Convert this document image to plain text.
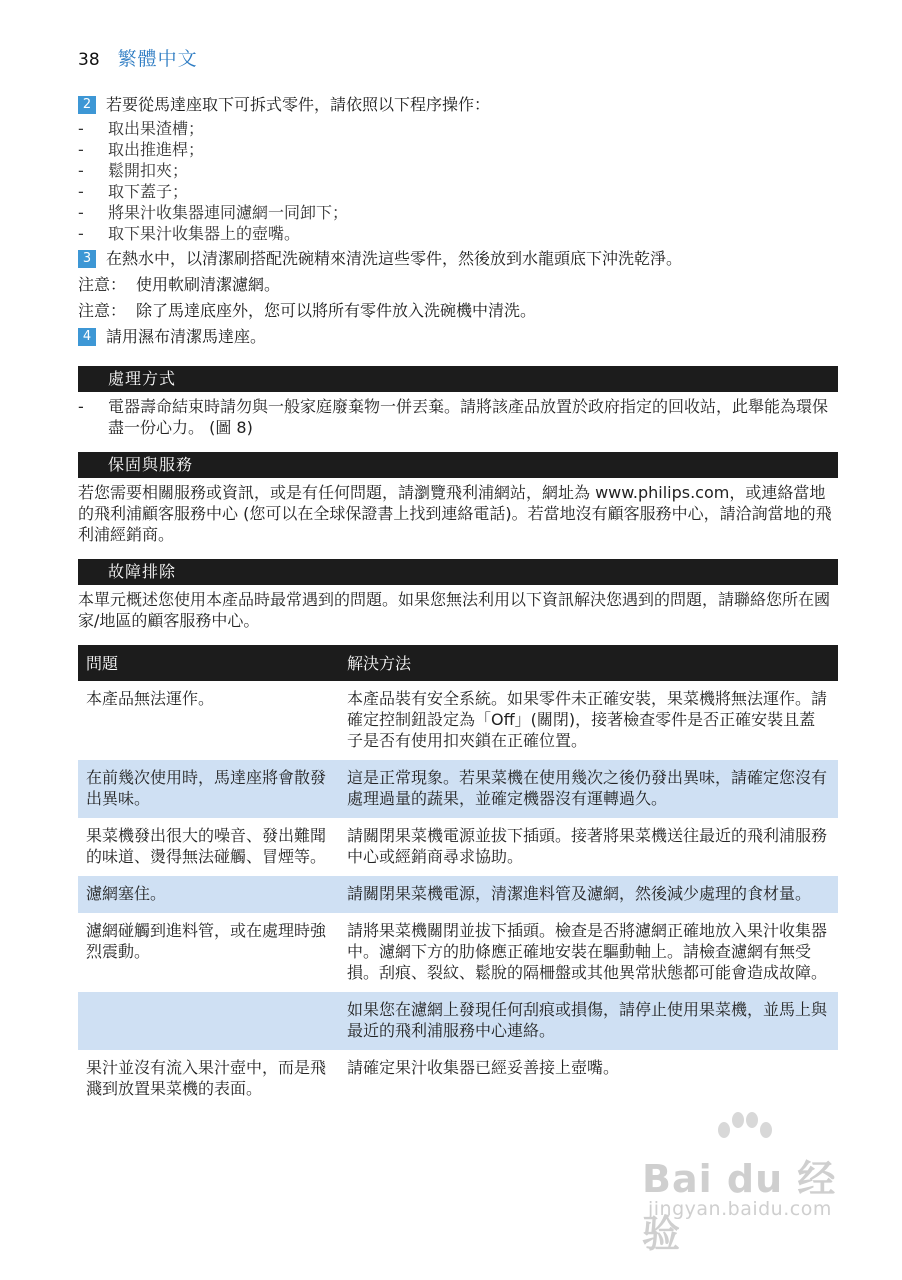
38 繁體中文
2 若要從馬達座取下可拆式零件，請依照以下程序操作：
- 取出果渣槽；
- 取出推進桿；
- 鬆開扣夾；
- 取下蓋子；
- 將果汁收集器連同濾網一同卸下；
- 取下果汁收集器上的壺嘴。
3 在熱水中，以清潔刷搭配洗碗精來清洗這些零件，然後放到水龍頭底下沖洗乾淨。
注意： 使用軟刷清潔濾網。
注意： 除了馬達底座外，您可以將所有零件放入洗碗機中清洗。
4 請用濕布清潔馬達座。
處理方式
- 電器壽命結束時請勿與一般家庭廢棄物一併丟棄。請將該產品放置於政府指定的回收站，此舉能為環保盡一份心力。 (圖 8)
保固與服務
若您需要相關服務或資訊，或是有任何問題，請瀏覽飛利浦網站，網址為 www.philips.com，或連絡當地的飛利浦顧客服務中心 (您可以在全球保證書上找到連絡電話)。若當地沒有顧客服務中心，請洽詢當地的飛利浦經銷商。
故障排除
本單元概述您使用本產品時最常遇到的問題。如果您無法利用以下資訊解決您遇到的問題，請聯絡您所在國家/地區的顧客服務中心。
問題	解決方法
本產品無法運作。	本產品裝有安全系統。如果零件未正確安裝，果菜機將無法運作。請確定控制鈕設定為「Off」(關閉)，接著檢查零件是否正確安裝且蓋子是否有使用扣夾鎖在正確位置。
在前幾次使用時，馬達座將會散發出異味。	這是正常現象。若果菜機在使用幾次之後仍發出異味，請確定您沒有處理過量的蔬果，並確定機器沒有運轉過久。
果菜機發出很大的噪音、發出難聞的味道、燙得無法碰觸、冒煙等。	請關閉果菜機電源並拔下插頭。接著將果菜機送往最近的飛利浦服務中心或經銷商尋求協助。
濾網塞住。	請關閉果菜機電源，清潔進料管及濾網，然後減少處理的食材量。
濾網碰觸到進料管，或在處理時強烈震動。	請將果菜機關閉並拔下插頭。檢查是否將濾網正確地放入果汁收集器中。濾網下方的肋條應正確地安裝在驅動軸上。請檢查濾網有無受損。刮痕、裂紋、鬆脫的隔柵盤或其他異常狀態都可能會造成故障。
	如果您在濾網上發現任何刮痕或損傷，請停止使用果菜機，並馬上與最近的飛利浦服務中心連絡。
果汁並沒有流入果汁壺中，而是飛濺到放置果菜機的表面。	請確定果汁收集器已經妥善接上壺嘴。
Bai du 经验
jingyan.baidu.com
